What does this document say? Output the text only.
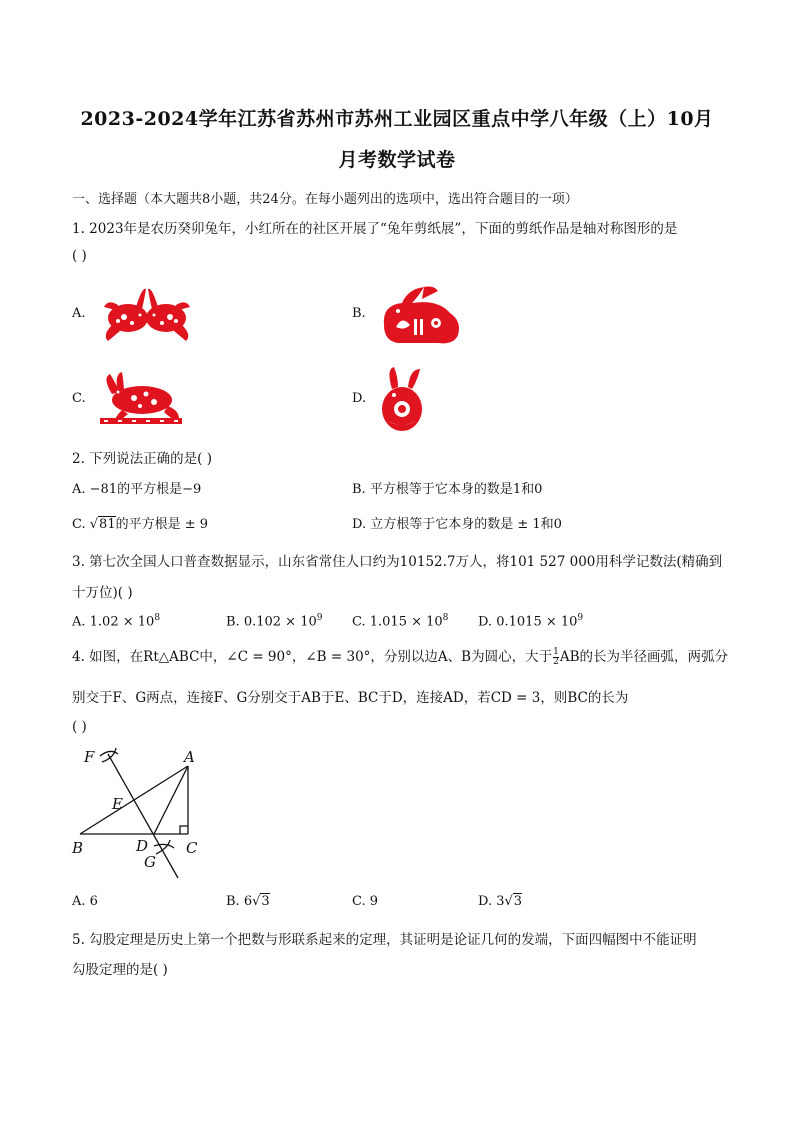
2023-2024学年江苏省苏州市苏州工业园区重点中学八年级（上）10月
月考数学试卷
一、选择题（本大题共8小题，共24分。在每小题列出的选项中，选出符合题目的一项）
1. 2023年是农历癸卯兔年，小红所在的社区开展了“兔年剪纸展”，下面的剪纸作品是轴对称图形的是
( )
A.	B.
C.	D.
2. 下列说法正确的是( )
A. −81的平方根是−9	B. 平方根等于它本身的数是1和0
C. √81的平方根是 ± 9	D. 立方根等于它本身的数是 ± 1和0
3. 第七次全国人口普查数据显示，山东省常住人口约为10152.7万人，将101 527 000用科学记数法(精确到
十万位)( )
A. $1.02 \times 10^8$	B. $0.102 \times 10^9$ C. $1.015 \times 10^8$ D. $0.1015 \times 10^9$
4. 如图，在Rt△ABC中，∠C = 90°，∠B = 30°，分别以边A、B为圆心，大于 $\frac{1}{2}$ AB的长为半径画弧，两弧分
别交于F、G两点，连接F、G分别交于AB于E、BC于D，连接AD，若CD = 3，则BC的长为
( )
F	A
E
B	D	C
G
A. 6	B. 6√3	C. 9	D. 3√3
5. 勾股定理是历史上第一个把数与形联系起来的定理，其证明是论证几何的发端，下面四幅图中不能证明
勾股定理的是( )
